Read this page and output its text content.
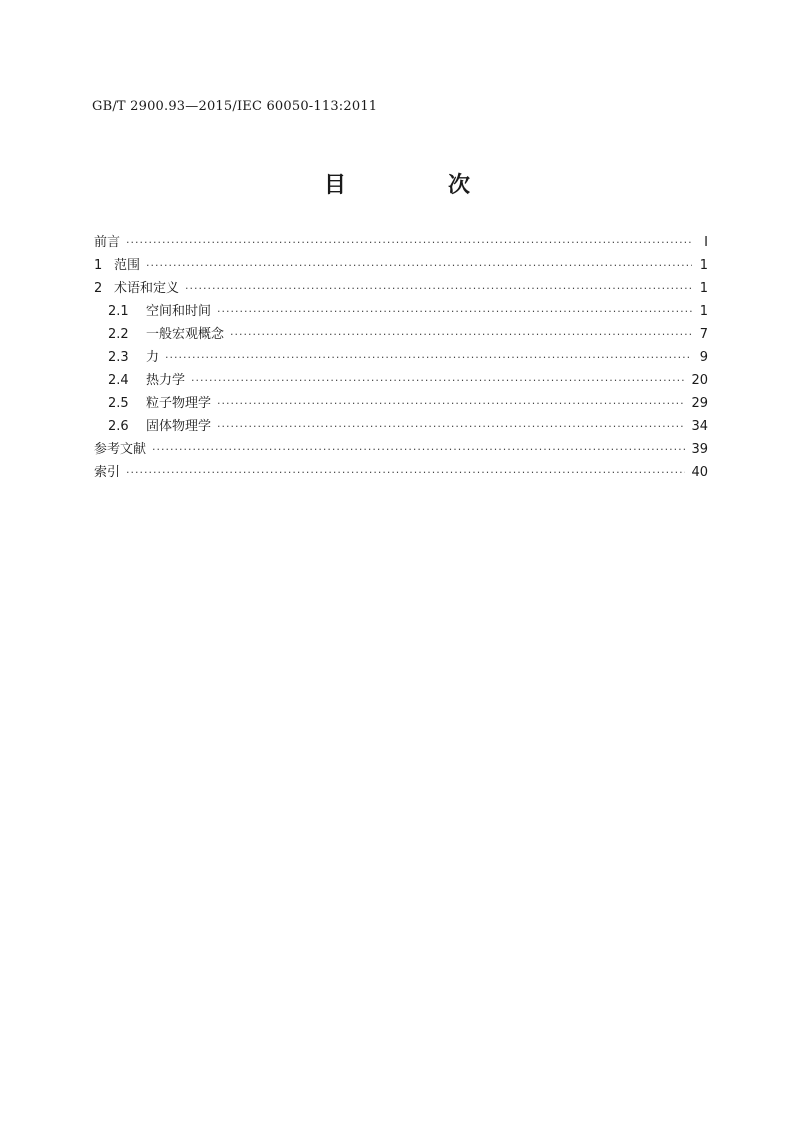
GB/T 2900.93—2015/IEC 60050-113:2011
目　次
前言 ·····	Ⅰ
1 范围 ·····	1
2 术语和定义 ·····	1
2.1	空间和时间 ·····	1
2.2	一般宏观概念 ·····	7
2.3	力 ·····	9
2.4	热力学 ·····	20
2.5	粒子物理学 ·····	29
2.6	固体物理学 ·····	34
参考文献 ·····	39
索引 ·····	40
